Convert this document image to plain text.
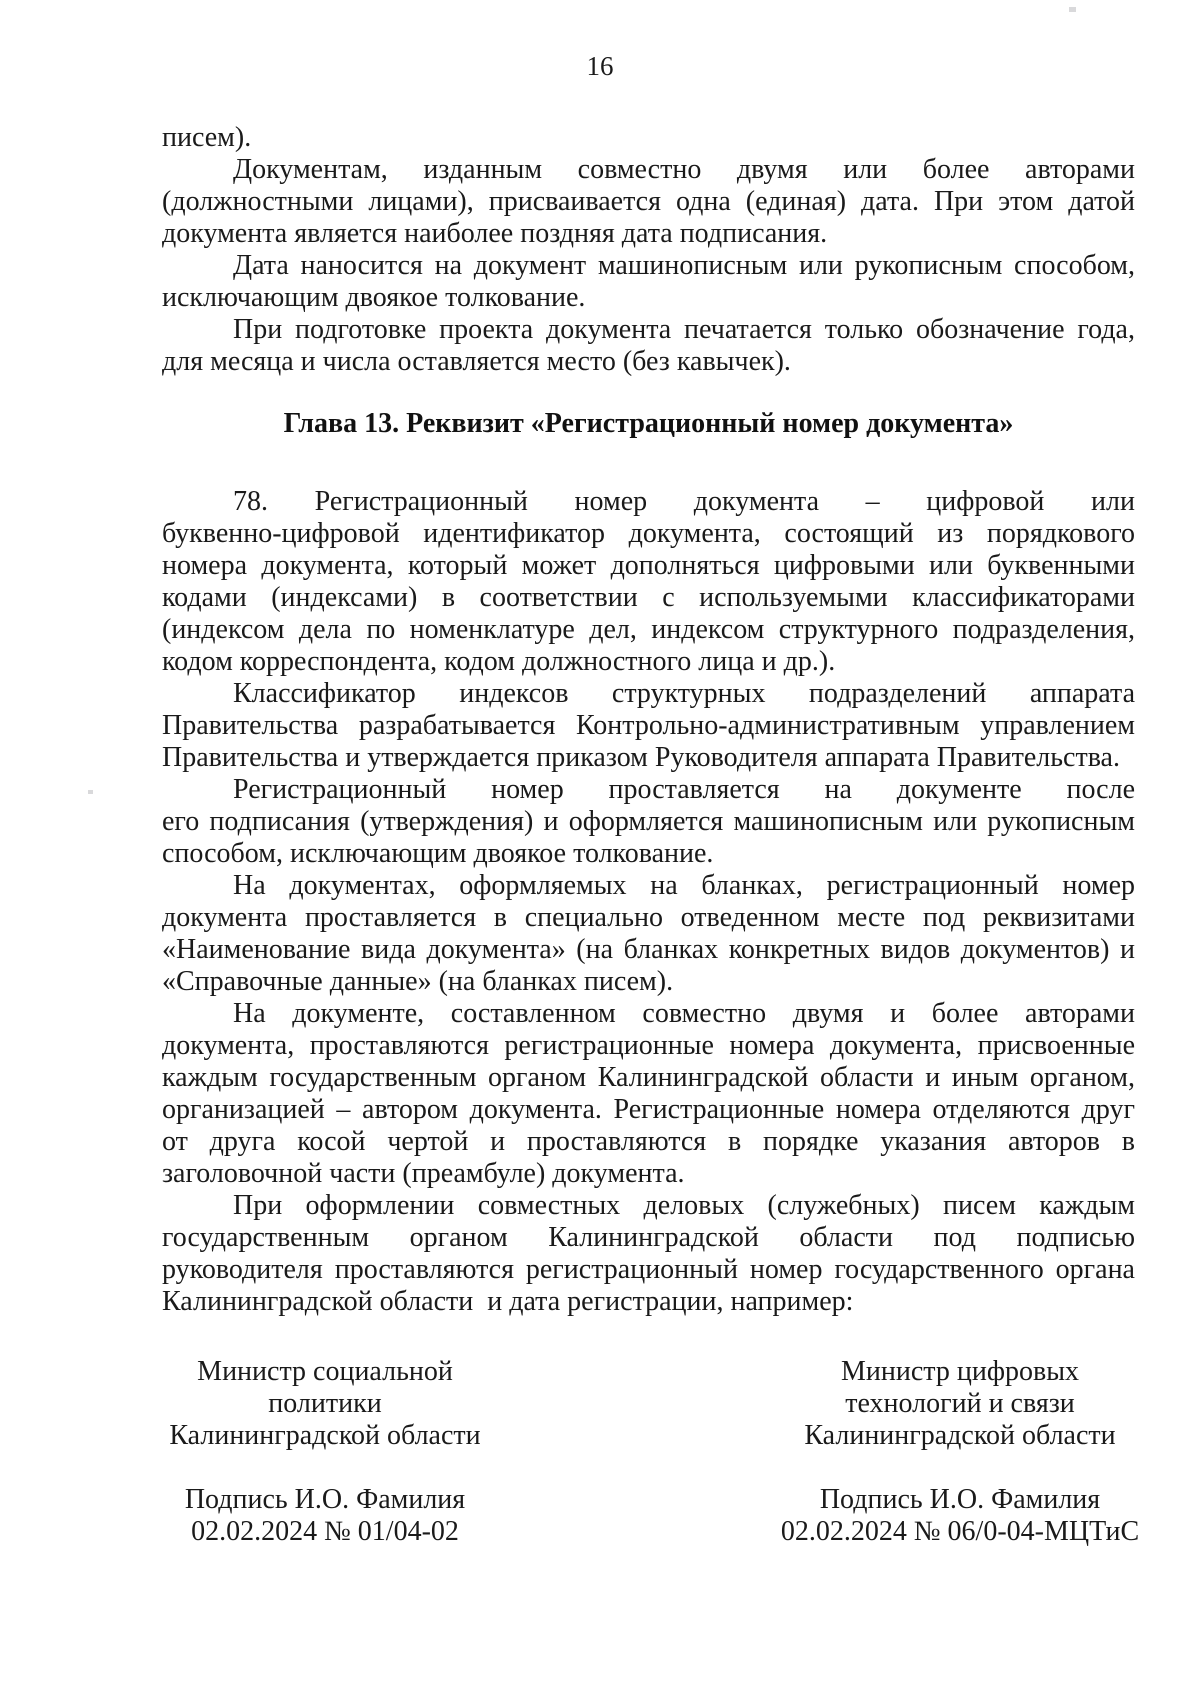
16
писем).
Документам, изданным совместно двумя или более авторами
(должностными лицами), присваивается одна (единая) дата. При этом датой
документа является наиболее поздняя дата подписания.
Дата наносится на документ машинописным или рукописным способом,
исключающим двоякое толкование.
При подготовке проекта документа печатается только обозначение года,
для месяца и числа оставляется место (без кавычек).
Глава 13. Реквизит «Регистрационный номер документа»
78. Регистрационный номер документа – цифровой или
буквенно-цифровой идентификатор документа, состоящий из порядкового
номера документа, который может дополняться цифровыми или буквенными
кодами (индексами) в соответствии с используемыми классификаторами
(индексом дела по номенклатуре дел, индексом структурного подразделения,
кодом корреспондента, кодом должностного лица и др.).
Классификатор индексов структурных подразделений аппарата
Правительства разрабатывается Контрольно-административным управлением
Правительства и утверждается приказом Руководителя аппарата Правительства.
Регистрационный номер проставляется на документе после
его подписания (утверждения) и оформляется машинописным или рукописным
способом, исключающим двоякое толкование.
На документах, оформляемых на бланках, регистрационный номер
документа проставляется в специально отведенном месте под реквизитами
«Наименование вида документа» (на бланках конкретных видов документов) и
«Справочные данные» (на бланках писем).
На документе, составленном совместно двумя и более авторами
документа, проставляются регистрационные номера документа, присвоенные
каждым государственным органом Калининградской области и иным органом,
организацией – автором документа. Регистрационные номера отделяются друг
от друга косой чертой и проставляются в порядке указания авторов в
заголовочной части (преамбуле) документа.
При оформлении совместных деловых (служебных) писем каждым
государственным органом Калининградской области под подписью
руководителя проставляются регистрационный номер государственного органа
Калининградской области  и дата регистрации, например:
Министр социальной
политики
Калининградской области
Подпись И.О. Фамилия
02.02.2024 № 01/04-02
Министр цифровых
технологий и связи
Калининградской области
Подпись И.О. Фамилия
02.02.2024 № 06/0-04-МЦТиС
